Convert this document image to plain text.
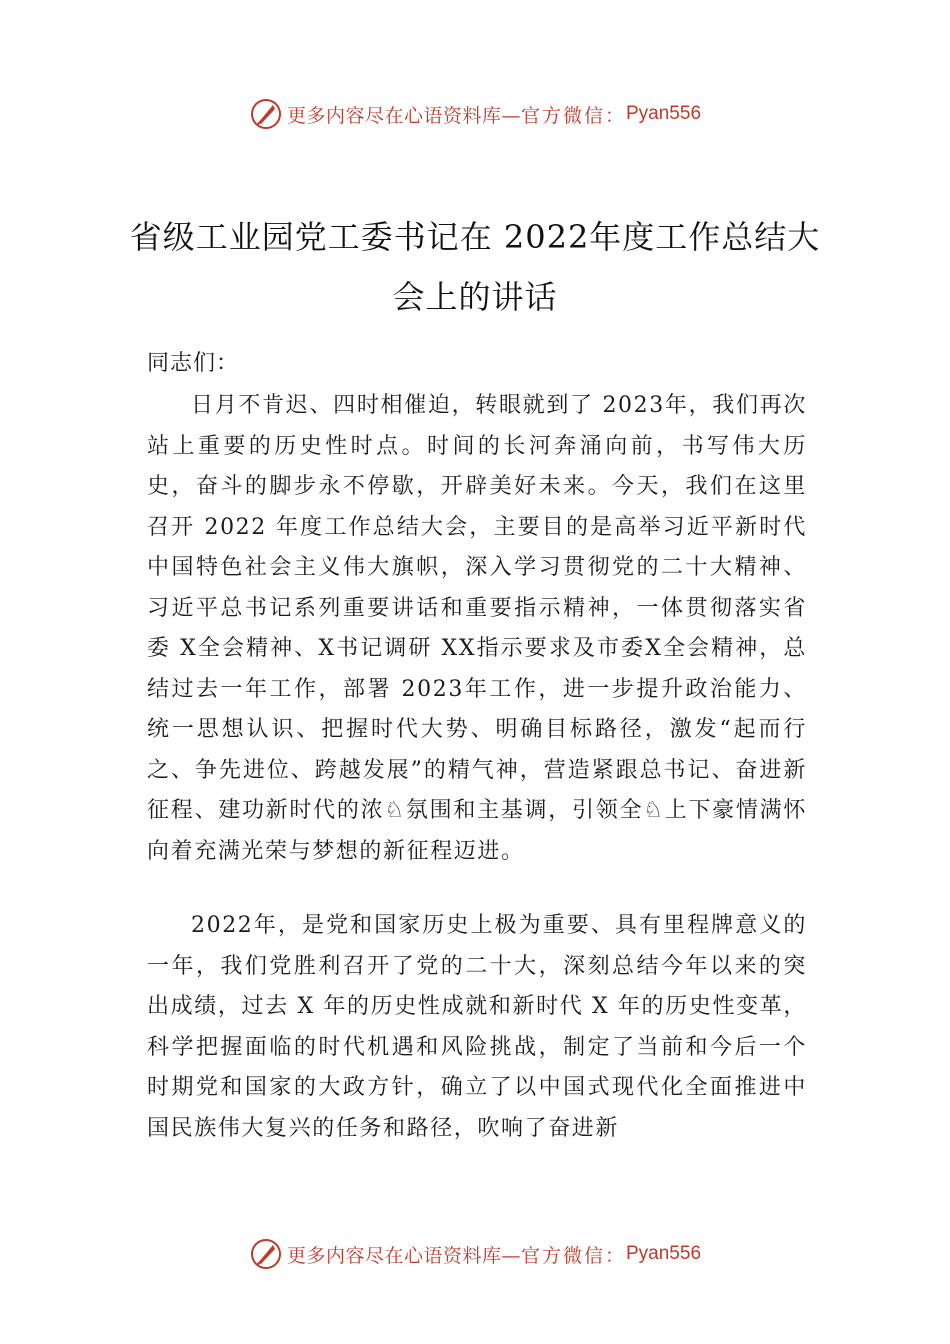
更多内容尽在心语资料库— 官方微信： Pyan556
省级工业园党工委书记在 2022年度工作总结大会上的讲话
同志们：

日月不肯迟、四时相催迫，转眼就到了 2023年，我们再次站上重要的历史性时点。时间的长河奔涌向前，书写伟大历史，奋斗的脚步永不停歇，开辟美好未来。今天，我们在这里召开 2022 年度工作总结大会，主要目的是高举习近平新时代中国特色社会主义伟大旗帜，深入学习贯彻党的二十大精神、习近平总书记系列重要讲话和重要指示精神，一体贯彻落实省委 X全会精神、X书记调研 XX指示要求及市委X全会精神，总结过去一年工作，部署 2023年工作，进一步提升政治能力、统一思想认识、把握时代大势、明确目标路径，激发“起而行之、争先进位、跨越发展”的精气神，营造紧跟总书记、奋进新征程、建功新时代的浓♘氛围和主基调，引领全♘上下豪情满怀向着充满光荣与梦想的新征程迈进。

2022年，是党和国家历史上极为重要、具有里程牌意义的一年，我们党胜利召开了党的二十大，深刻总结今年以来的突出成绩，过去 X 年的历史性成就和新时代 X 年的历史性变革，科学把握面临的时代机遇和风险挑战，制定了当前和今后一个时期党和国家的大政方针，确立了以中国式现代化全面推进中国民族伟大复兴的任务和路径，吹响了奋进新

更多内容尽在心语资料库— 官方微信： Pyan556
